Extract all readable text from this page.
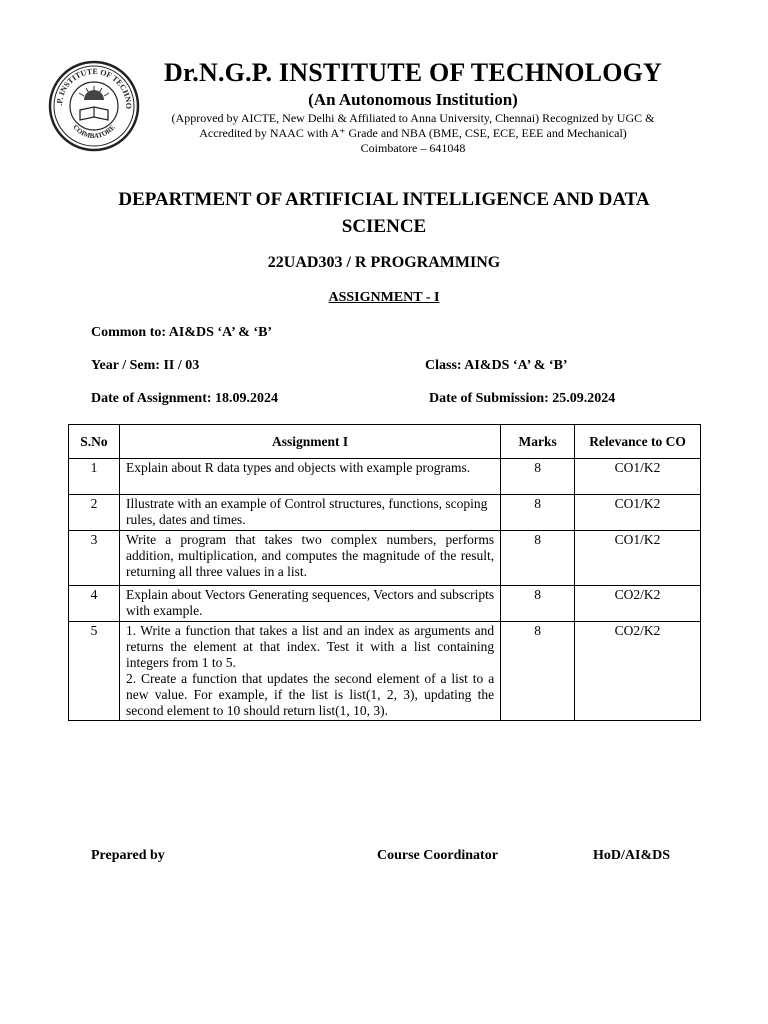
.P. INSTITUTE OF TECHNO
COIMBATORE
Dr.N.G.P. INSTITUTE OF TECHNOLOGY
(An Autonomous Institution)
(Approved by AICTE, New Delhi & Affiliated to Anna University, Chennai) Recognized by UGC &
Accredited by NAAC with A⁺ Grade and NBA (BME, CSE, ECE, EEE and Mechanical)
Coimbatore – 641048
DEPARTMENT OF ARTIFICIAL INTELLIGENCE AND DATA
SCIENCE
22UAD303 / R PROGRAMMING
ASSIGNMENT - I
Common to: AI&DS ‘A’ & ‘B’
Year / Sem: II / 03	Class: AI&DS ‘A’ & ‘B’
Date of Assignment: 18.09.2024	Date of Submission: 25.09.2024
S.No	Assignment I	Marks	Relevance to CO
1	Explain about R data types and objects with example programs.	8	CO1/K2
2	Illustrate with an example of Control structures, functions, scoping rules, dates and times.	8	CO1/K2
3	Write a program that takes two complex numbers, performs addition, multiplication, and computes the magnitude of the result, returning all three values in a list.	8	CO1/K2
4	Explain about Vectors Generating sequences, Vectors and subscripts with example.	8	CO2/K2
5	1. Write a function that takes a list and an index as arguments and returns the element at that index. Test it with a list containing integers from 1 to 5.
2. Create a function that updates the second element of a list to a new value. For example, if the list is list(1, 2, 3), updating the second element to 10 should return list(1, 10, 3).	8	CO2/K2
Prepared by	Course Coordinator	HoD/AI&DS
